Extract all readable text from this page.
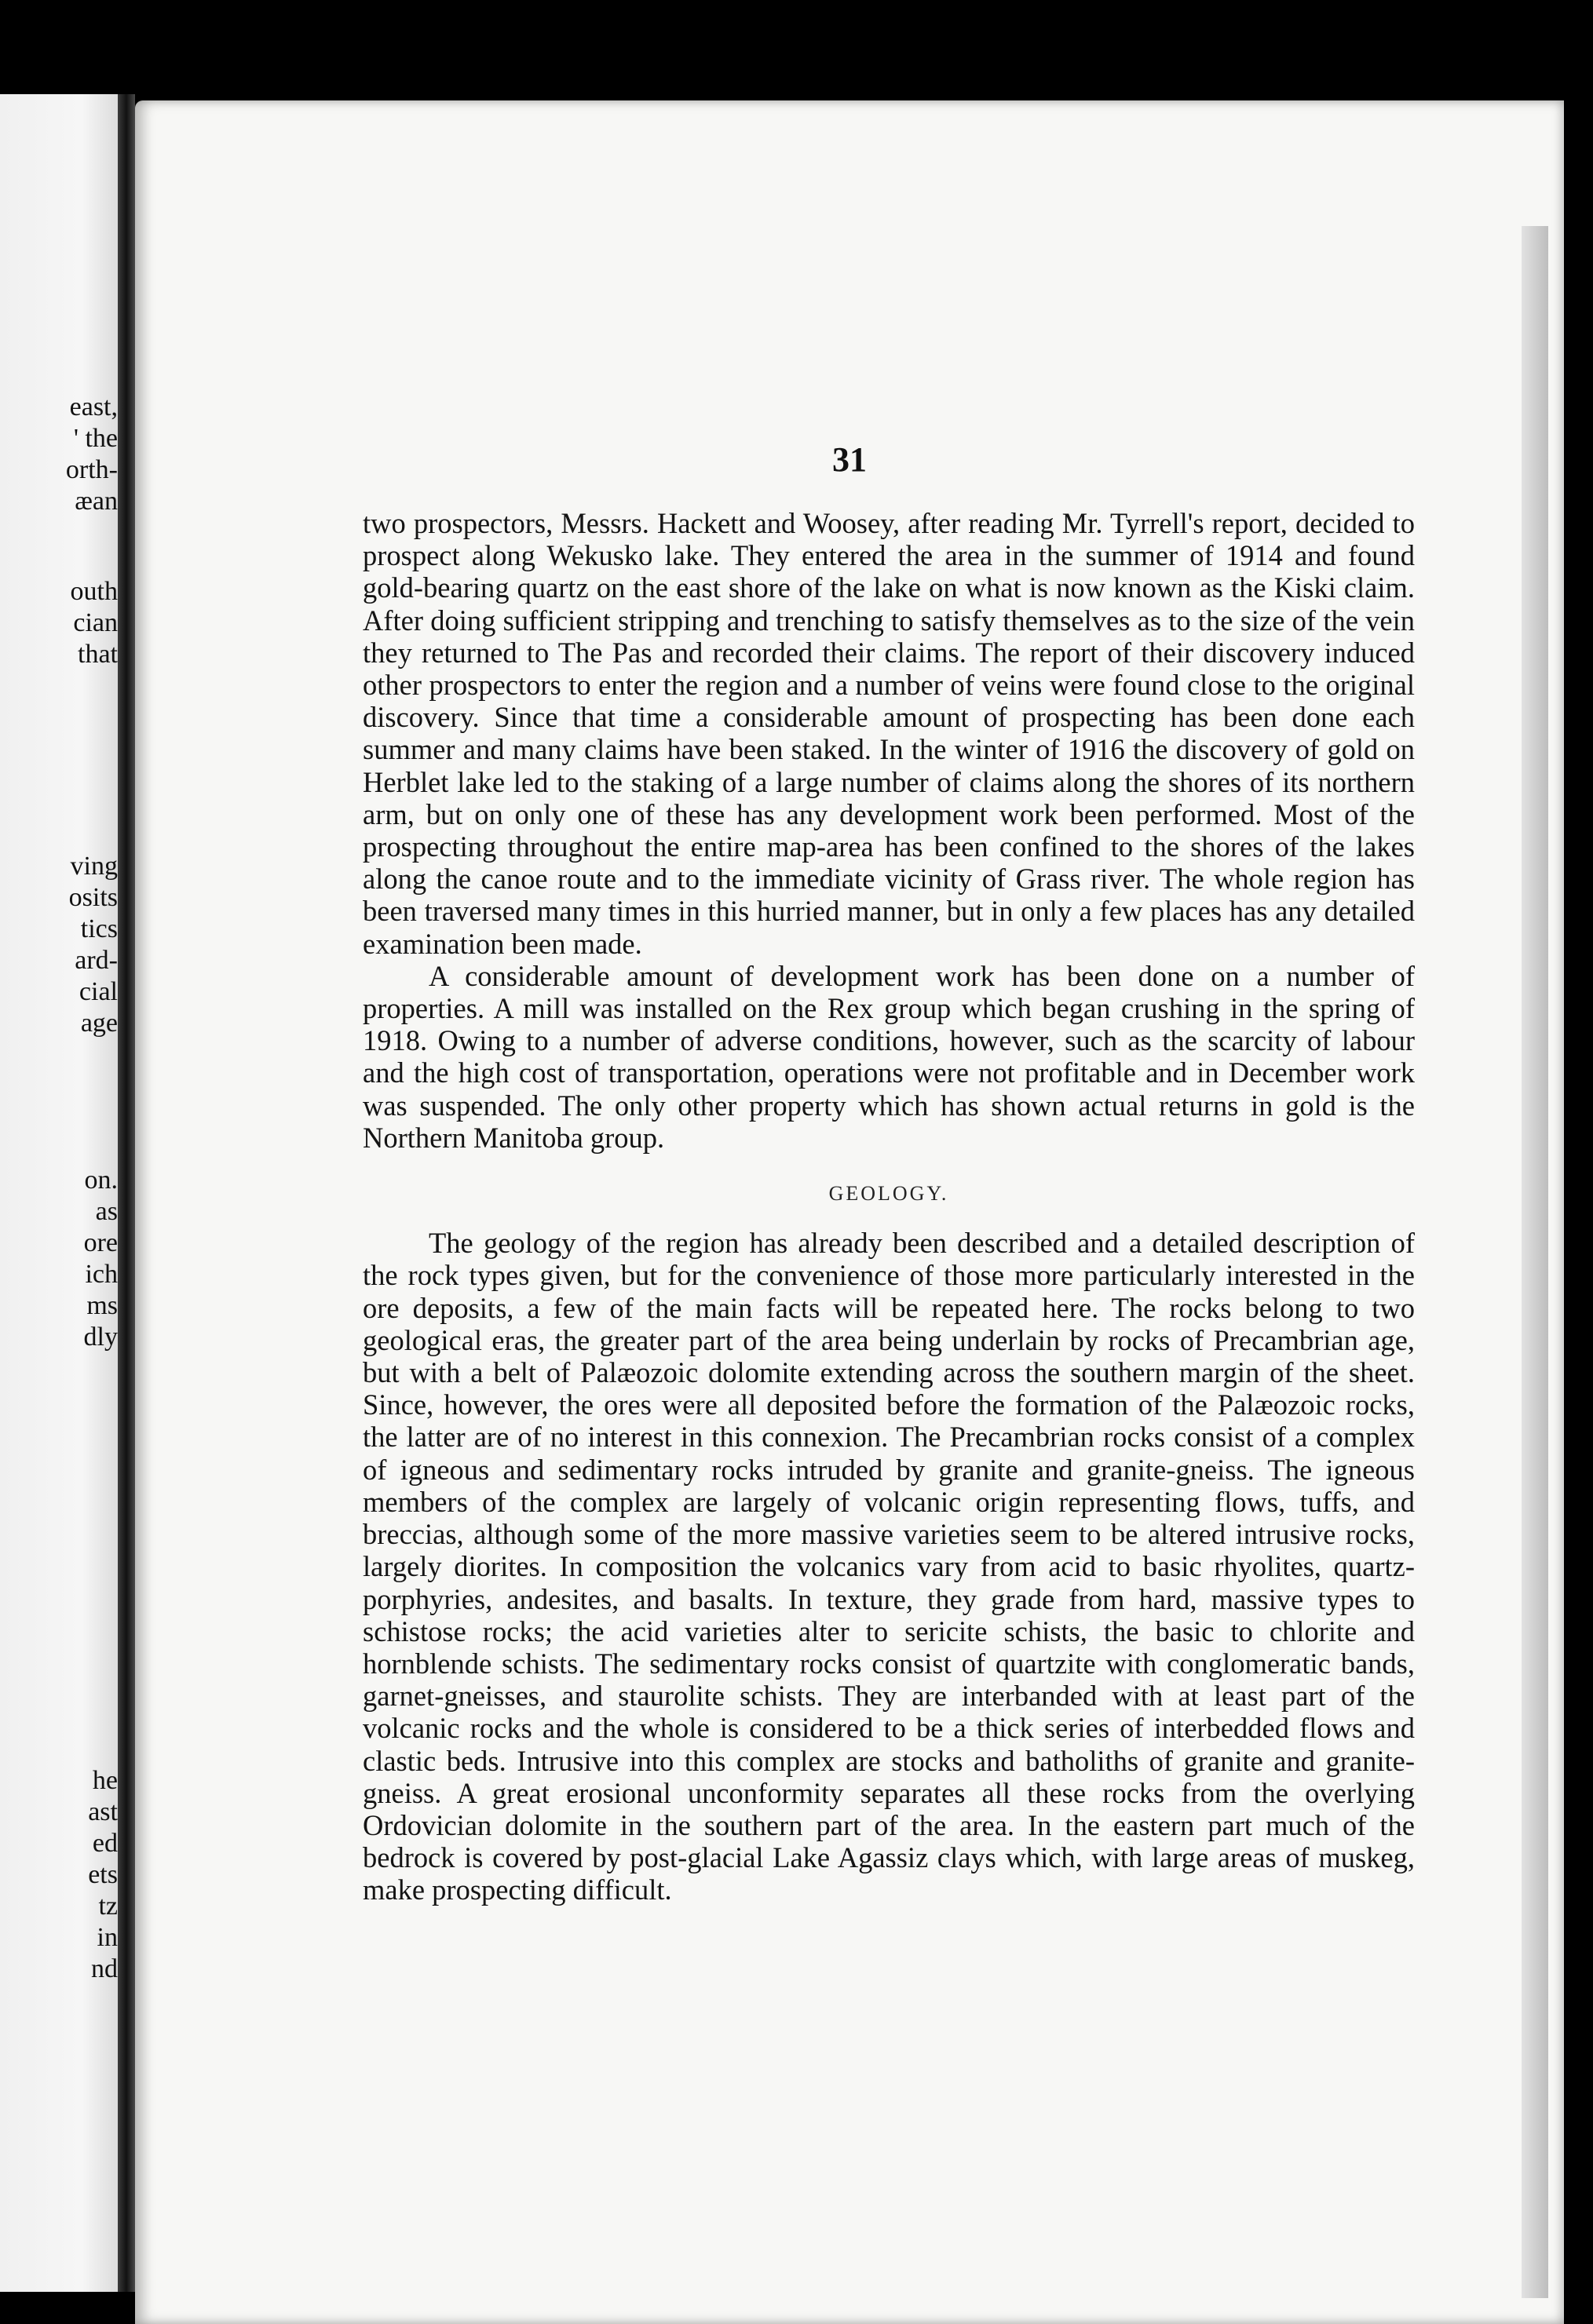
east,
' the
orth-
æan
outh
cian
that
ving
osits
tics
ard-
cial
age
on.
as
ore
ich
ms
dly
he
ast
ed
ets
tz
in
nd
31

two prospectors, Messrs. Hackett and Woosey, after reading Mr. Tyrrell's report, decided to prospect along Wekusko lake. They entered the area in the summer of 1914 and found gold-bearing quartz on the east shore of the lake on what is now known as the Kiski claim. After doing sufficient stripping and trenching to satisfy themselves as to the size of the vein they returned to The Pas and recorded their claims. The report of their discovery induced other prospectors to enter the region and a number of veins were found close to the original discovery. Since that time a considerable amount of prospecting has been done each summer and many claims have been staked. In the winter of 1916 the discovery of gold on Herblet lake led to the staking of a large number of claims along the shores of its northern arm, but on only one of these has any development work been performed. Most of the prospecting throughout the entire map-area has been confined to the shores of the lakes along the canoe route and to the immediate vicinity of Grass river. The whole region has been traversed many times in this hurried manner, but in only a few places has any detailed examination been made.

A considerable amount of development work has been done on a number of properties. A mill was installed on the Rex group which began crushing in the spring of 1918. Owing to a number of adverse conditions, however, such as the scarcity of labour and the high cost of transportation, operations were not profitable and in December work was suspended. The only other property which has shown actual returns in gold is the Northern Manitoba group.

GEOLOGY.

The geology of the region has already been described and a detailed description of the rock types given, but for the convenience of those more particularly interested in the ore deposits, a few of the main facts will be repeated here. The rocks belong to two geological eras, the greater part of the area being underlain by rocks of Precambrian age, but with a belt of Palæozoic dolomite extending across the southern margin of the sheet. Since, however, the ores were all deposited before the formation of the Palæozoic rocks, the latter are of no interest in this connexion. The Precambrian rocks consist of a complex of igneous and sedimentary rocks intruded by granite and granite-gneiss. The igneous members of the complex are largely of volcanic origin representing flows, tuffs, and breccias, although some of the more massive varieties seem to be altered intrusive rocks, largely diorites. In composition the volcanics vary from acid to basic rhyolites, quartz-porphyries, andesites, and basalts. In texture, they grade from hard, massive types to schistose rocks; the acid varieties alter to sericite schists, the basic to chlorite and hornblende schists. The sedimentary rocks consist of quartzite with conglomeratic bands, garnet-gneisses, and staurolite schists. They are interbanded with at least part of the volcanic rocks and the whole is considered to be a thick series of interbedded flows and clastic beds. Intrusive into this complex are stocks and batholiths of granite and granite-gneiss. A great erosional unconformity separates all these rocks from the overlying Ordovician dolomite in the southern part of the area. In the eastern part much of the bedrock is covered by post-glacial Lake Agassiz clays which, with large areas of muskeg, make prospecting difficult.
